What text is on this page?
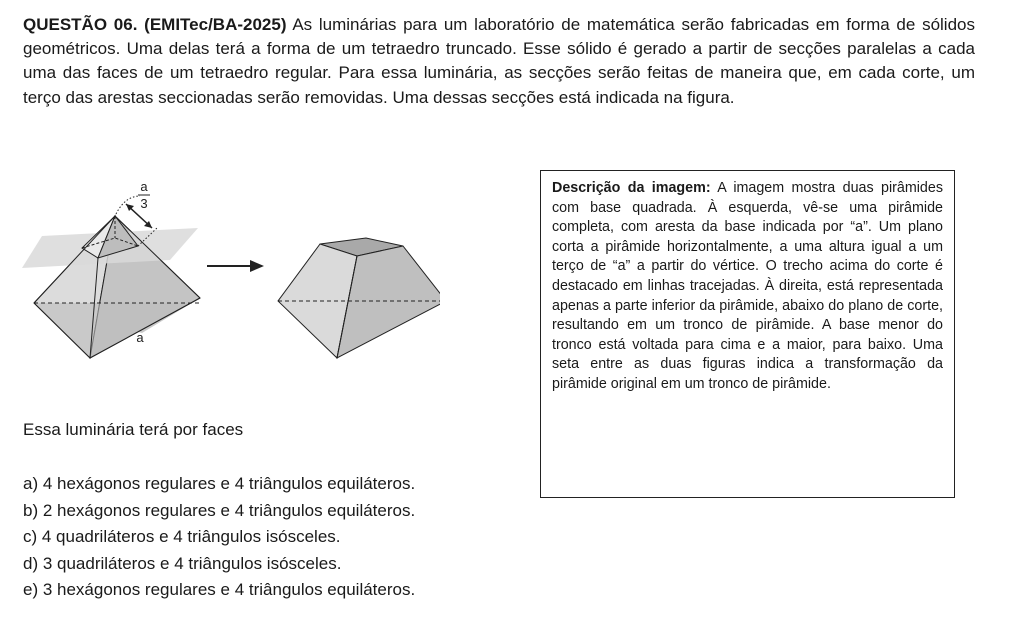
QUESTÃO 06. (EMITec/BA-2025) As luminárias para um laboratório de matemática serão fabricadas em forma de sólidos geométricos. Uma delas terá a forma de um tetraedro truncado. Esse sólido é gerado a partir de secções paralelas a cada uma das faces de um tetraedro regular. Para essa luminária, as secções serão feitas de maneira que, em cada corte, um terço das arestas seccionadas serão removidas. Uma dessas secções está indicada na figura.

a
3
a
Descrição da imagem: A imagem mostra duas pirâmides com base quadrada. À esquerda, vê-se uma pirâmide completa, com aresta da base indicada por “a”. Um plano corta a pirâmide horizontalmente, a uma altura igual a um terço de “a” a partir do vértice. O trecho acima do corte é destacado em linhas tracejadas. À direita, está representada apenas a parte inferior da pirâmide, abaixo do plano de corte, resultando em um tronco de pirâmide. A base menor do tronco está voltada para cima e a maior, para baixo. Uma seta entre as duas figuras indica a transformação da pirâmide original em um tronco de pirâmide.

Essa luminária terá por faces

a) 4 hexágonos regulares e 4 triângulos equiláteros.
b) 2 hexágonos regulares e 4 triângulos equiláteros.
c) 4 quadriláteros e 4 triângulos isósceles.
d) 3 quadriláteros e 4 triângulos isósceles.
e) 3 hexágonos regulares e 4 triângulos equiláteros.
